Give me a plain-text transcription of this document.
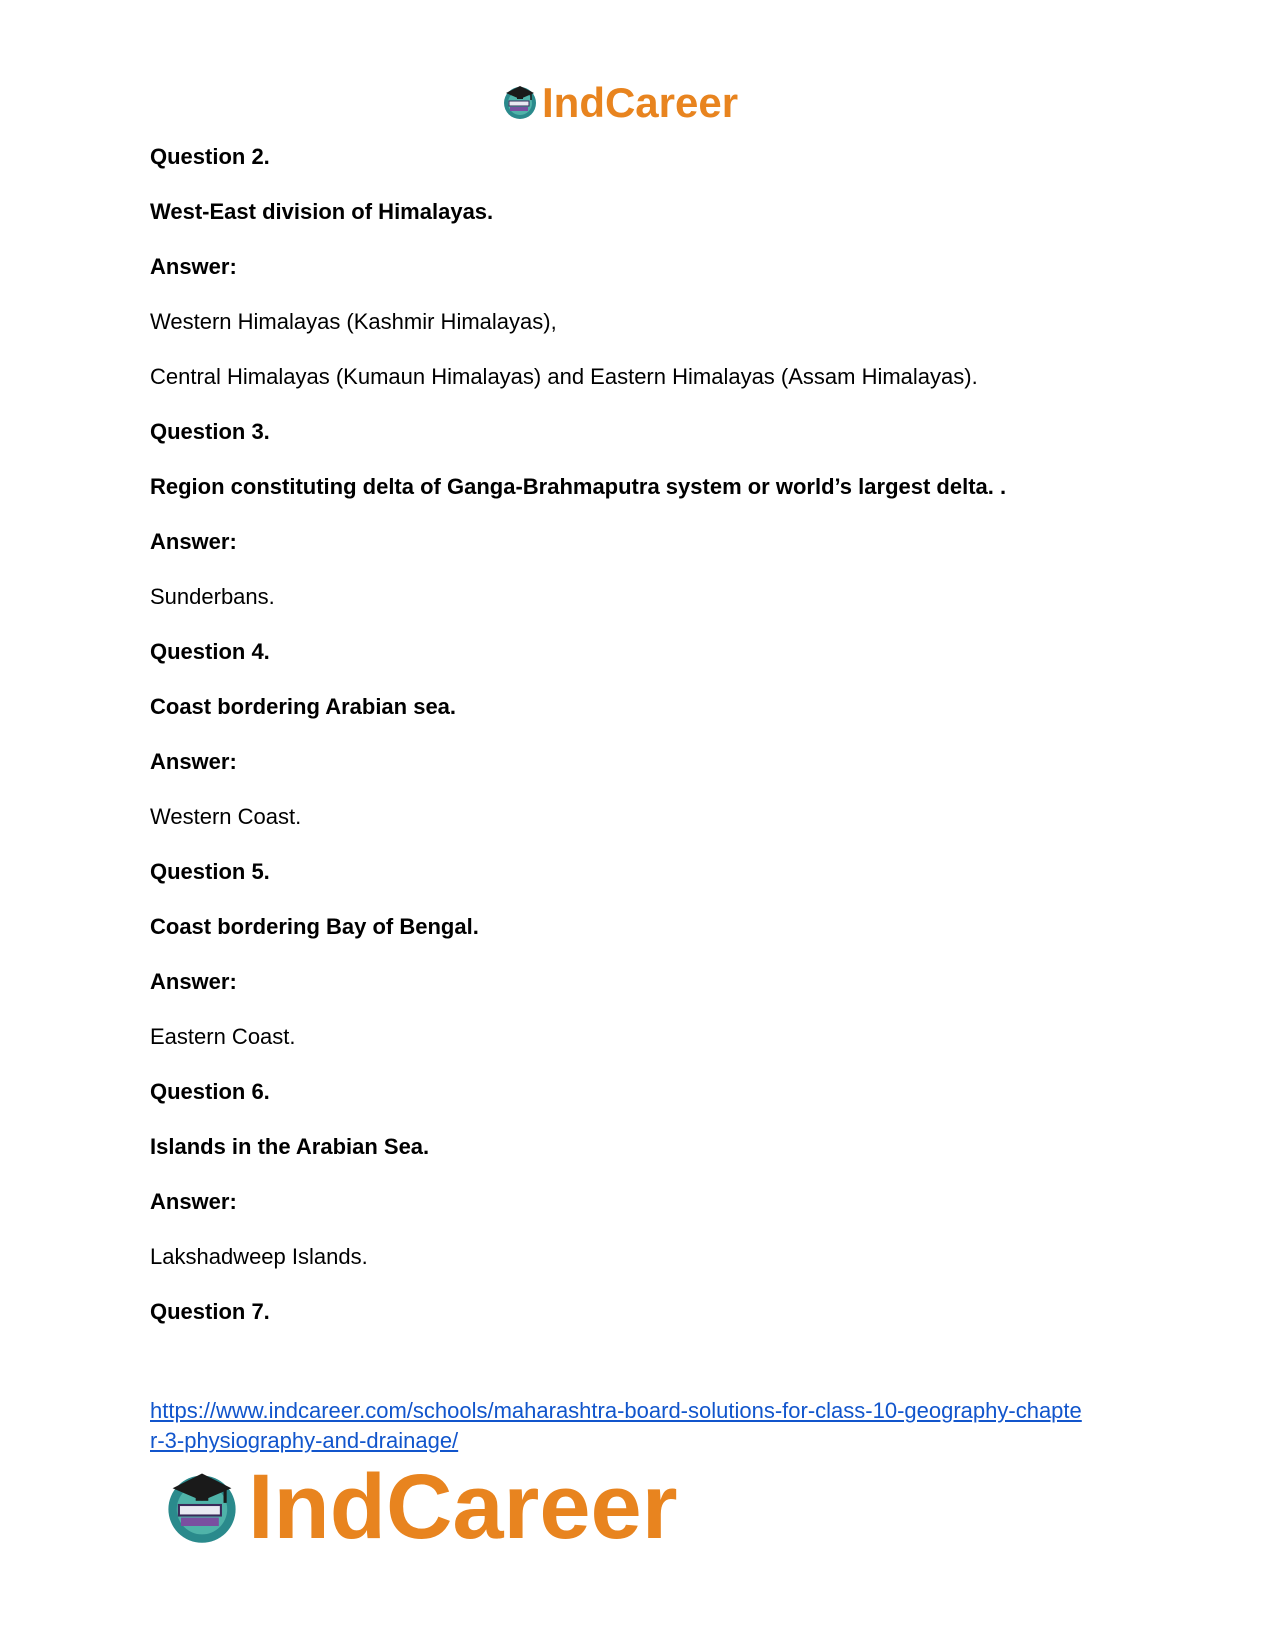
IndCareer
Question 2.
West-East division of Himalayas.
Answer:
Western Himalayas (Kashmir Himalayas),
Central Himalayas (Kumaun Himalayas) and Eastern Himalayas (Assam Himalayas).
Question 3.
Region constituting delta of Ganga-Brahmaputra system or world’s largest delta. .
Answer:
Sunderbans.
Question 4.
Coast bordering Arabian sea.
Answer:
Western Coast.
Question 5.
Coast bordering Bay of Bengal.
Answer:
Eastern Coast.
Question 6.
Islands in the Arabian Sea.
Answer:
Lakshadweep Islands.
Question 7.
https://www.indcareer.com/schools/maharashtra-board-solutions-for-class-10-geography-chapte
r-3-physiography-and-drainage/
IndCareer
